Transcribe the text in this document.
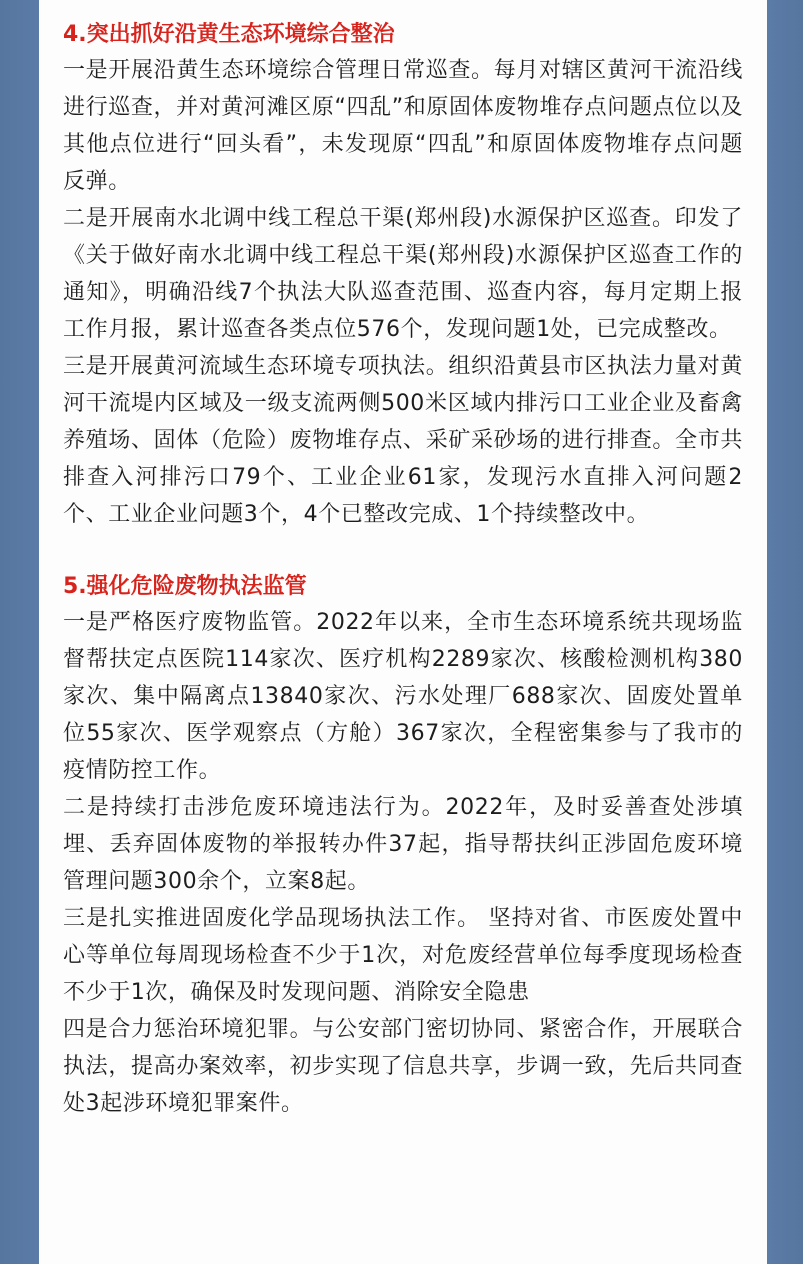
4.突出抓好沿黄生态环境综合整治

一是开展沿黄生态环境综合管理日常巡查。每月对辖区黄河干流沿线进行巡查，并对黄河滩区原“四乱”和原固体废物堆存点问题点位以及其他点位进行“回头看”，未发现原“四乱”和原固体废物堆存点问题反弹。

二是开展南水北调中线工程总干渠(郑州段)水源保护区巡查。印发了《关于做好南水北调中线工程总干渠(郑州段)水源保护区巡查工作的通知》，明确沿线7个执法大队巡查范围、巡查内容，每月定期上报工作月报，累计巡查各类点位576个，发现问题1处，已完成整改。

三是开展黄河流域生态环境专项执法。组织沿黄县市区执法力量对黄河干流堤内区域及一级支流两侧500米区域内排污口工业企业及畜禽养殖场、固体（危险）废物堆存点、采矿采砂场的进行排查。全市共排查入河排污口79个、工业企业61家，发现污水直排入河问题2个、工业企业问题3个，4个已整改完成、1个持续整改中。

5.强化危险废物执法监管

一是严格医疗废物监管。2022年以来，全市生态环境系统共现场监督帮扶定点医院114家次、医疗机构2289家次、核酸检测机构380家次、集中隔离点13840家次、污水处理厂688家次、固废处置单位55家次、医学观察点（方舱）367家次，全程密集参与了我市的疫情防控工作。

二是持续打击涉危废环境违法行为。2022年，及时妥善查处涉填埋、丢弃固体废物的举报转办件37起，指导帮扶纠正涉固危废环境管理问题300余个，立案8起。

三是扎实推进固废化学品现场执法工作。 坚持对省、市医废处置中心等单位每周现场检查不少于1次，对危废经营单位每季度现场检查不少于1次，确保及时发现问题、消除安全隐患

四是合力惩治环境犯罪。与公安部门密切协同、紧密合作，开展联合执法，提高办案效率，初步实现了信息共享，步调一致，先后共同查处3起涉环境犯罪案件。
